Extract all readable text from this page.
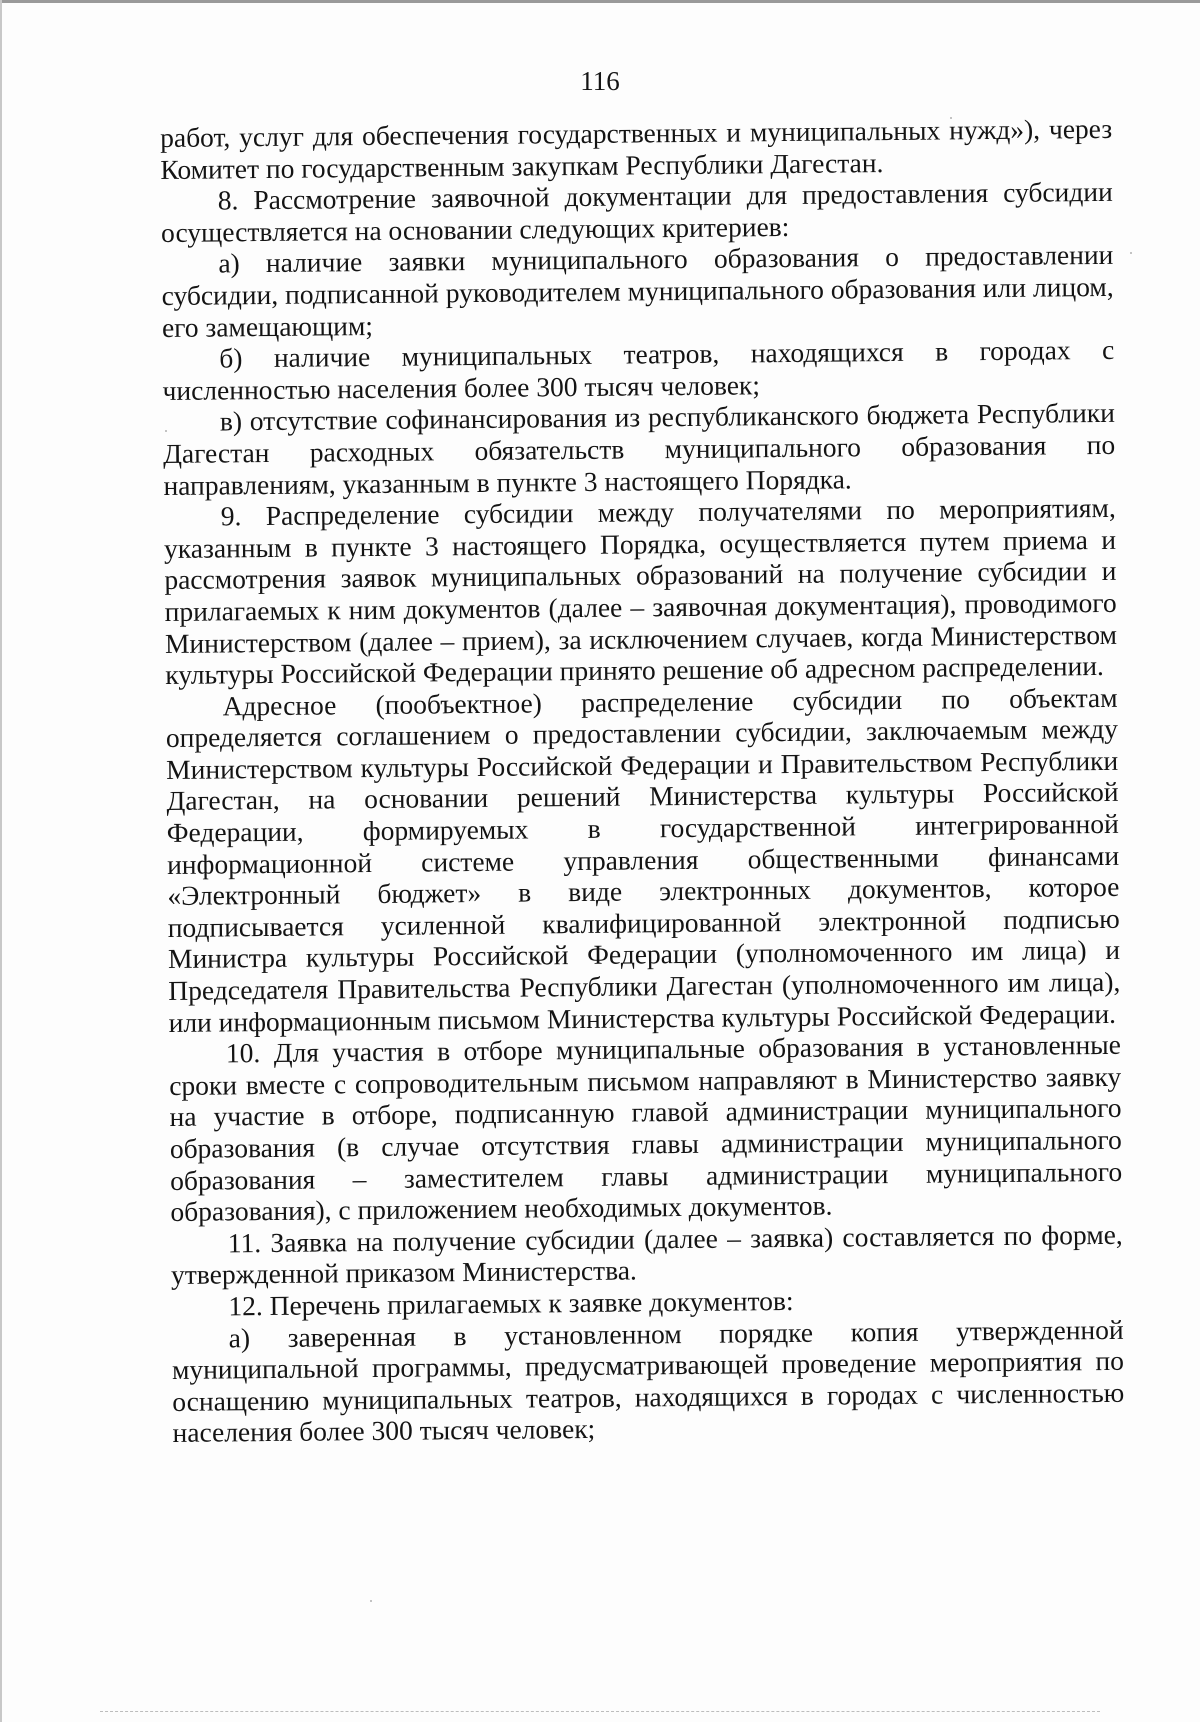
116

работ, услуг для обеспечения государственных и муниципальных нужд»), через Комитет по государственным закупкам Республики Дагестан.

8. Рассмотрение заявочной документации для предоставления субсидии осуществляется на основании следующих критериев:

а) наличие заявки муниципального образования о предоставлении субсидии, подписанной руководителем муниципального образования или лицом, его замещающим;

б) наличие муниципальных театров, находящихся в городах с численностью населения более 300 тысяч человек;

в) отсутствие софинансирования из республиканского бюджета Республики Дагестан расходных обязательств муниципального образования по направлениям, указанным в пункте 3 настоящего Порядка.

9. Распределение субсидии между получателями по мероприятиям, указанным в пункте 3 настоящего Порядка, осуществляется путем приема и рассмотрения заявок муниципальных образований на получение субсидии и прилагаемых к ним документов (далее – заявочная документация), проводимого Министерством (далее – прием), за исключением случаев, когда Министерством культуры Российской Федерации принято решение об адресном распределении.

Адресное (пообъектное) распределение субсидии по объектам определяется соглашением о предоставлении субсидии, заключаемым между Министерством культуры Российской Федерации и Правительством Республики Дагестан, на основании решений Министерства культуры Российской Федерации, формируемых в государственной интегрированной информационной системе управления общественными финансами «Электронный бюджет» в виде электронных документов, которое подписывается усиленной квалифицированной электронной подписью Министра культуры Российской Федерации (уполномоченного им лица) и Председателя Правительства Республики Дагестан (уполномоченного им лица), или информационным письмом Министерства культуры Российской Федерации.

10. Для участия в отборе муниципальные образования в установленные сроки вместе с сопроводительным письмом направляют в Министерство заявку на участие в отборе, подписанную главой администрации муниципального образования (в случае отсутствия главы администрации муниципального образования – заместителем главы администрации муниципального образования), с приложением необходимых документов.

11. Заявка на получение субсидии (далее – заявка) составляется по форме, утвержденной приказом Министерства.

12. Перечень прилагаемых к заявке документов:

а) заверенная в установленном порядке копия утвержденной муниципальной программы, предусматривающей проведение мероприятия по оснащению муниципальных театров, находящихся в городах с численностью населения более 300 тысяч человек;
